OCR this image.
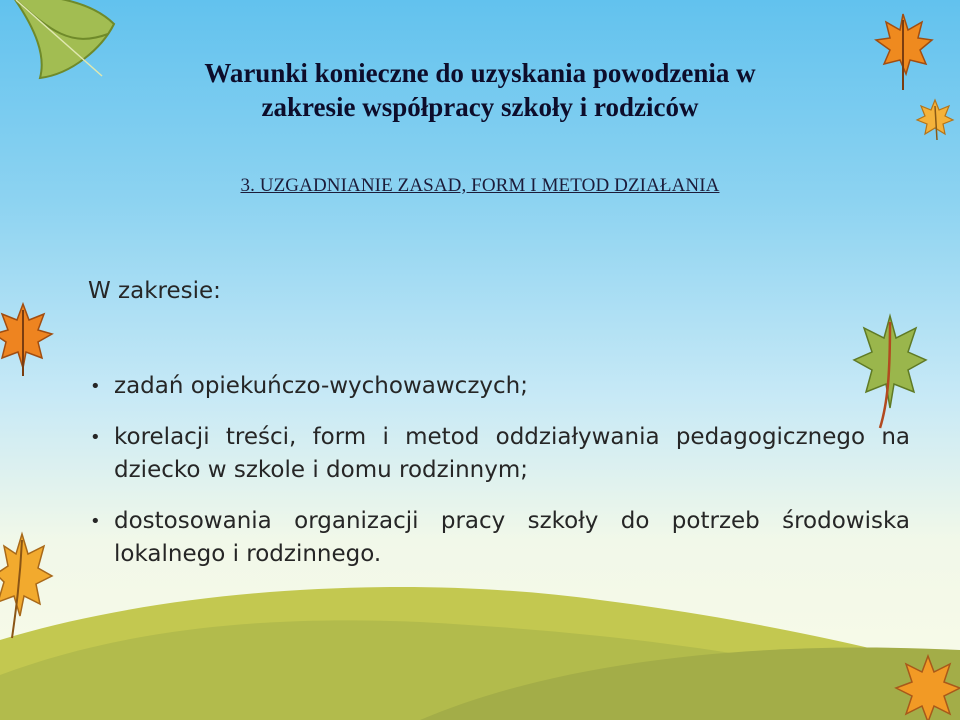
Warunki konieczne do uzyskania powodzenia w
zakresie współpracy szkoły i rodziców

3. UZGADNIANIE ZASAD, FORM I METOD DZIAŁANIA

W zakresie:

• zadań opiekuńczo-wychowawczych;
• korelacji treści, form i metod oddziaływania pedagogicznego na dziecko w szkole i domu rodzinnym;
• dostosowania organizacji pracy szkoły do potrzeb środowiska lokalnego i rodzinnego.
